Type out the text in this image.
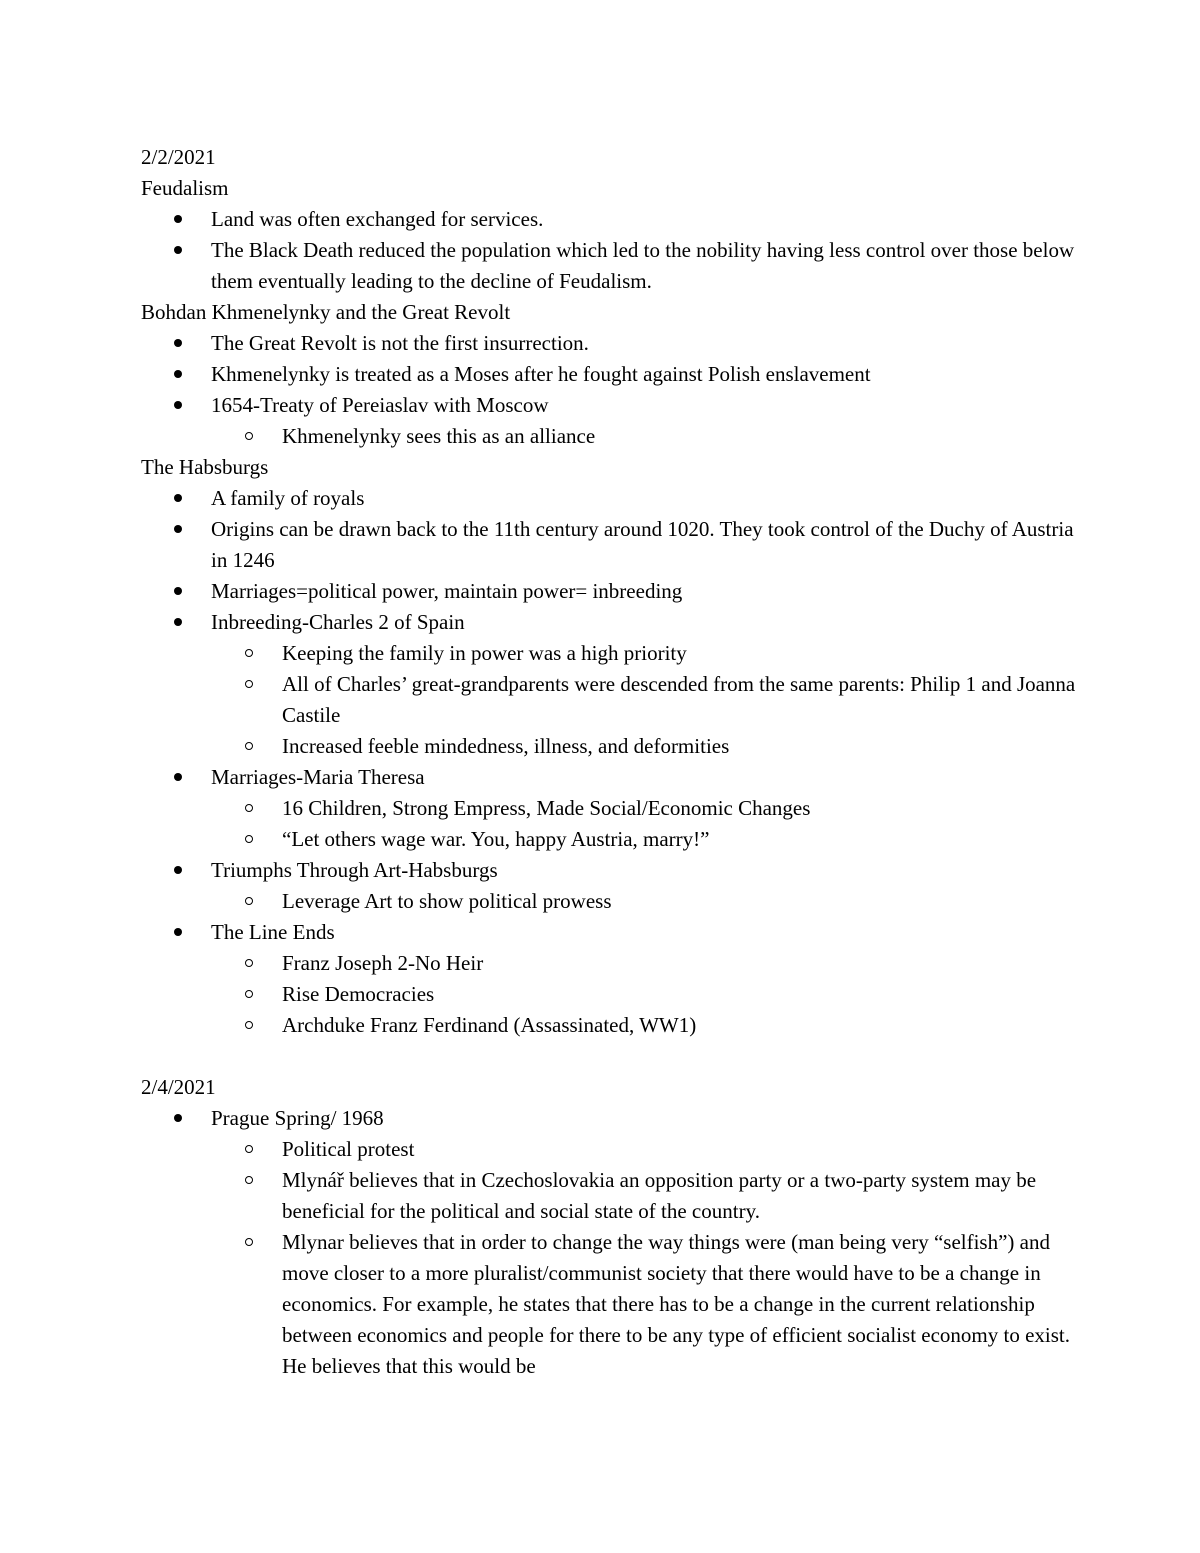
2/2/2021

Feudalism

Land was often exchanged for services.
The Black Death reduced the population which led to the nobility having less control over those below them eventually leading to the decline of Feudalism.

Bohdan Khmenelynky and the Great Revolt

The Great Revolt is not the first insurrection.
Khmenelynky is treated as a Moses after he fought against Polish enslavement
1654-Treaty of Pereiaslav with Moscow
Khmenelynky sees this as an alliance

The Habsburgs

A family of royals
Origins can be drawn back to the 11th century around 1020. They took control of the Duchy of Austria in 1246
Marriages=political power, maintain power= inbreeding
Inbreeding-Charles 2 of Spain
Keeping the family in power was a high priority
All of Charles’ great-grandparents were descended from the same parents: Philip 1 and Joanna Castile
Increased feeble mindedness, illness, and deformities
Marriages-Maria Theresa
16 Children, Strong Empress, Made Social/Economic Changes
“Let others wage war. You, happy Austria, marry!”
Triumphs Through Art-Habsburgs
Leverage Art to show political prowess
The Line Ends
Franz Joseph 2-No Heir
Rise Democracies
Archduke Franz Ferdinand (Assassinated, WW1)

2/4/2021

Prague Spring/ 1968
Political protest
Mlynář believes that in Czechoslovakia an opposition party or a two-party system may be beneficial for the political and social state of the country.
Mlynar believes that in order to change the way things were (man being very “selfish”) and move closer to a more pluralist/communist society that there would have to be a change in economics. For example, he states that there has to be a change in the current relationship between economics and people for there to be any type of efficient socialist economy to exist. He believes that this would be
